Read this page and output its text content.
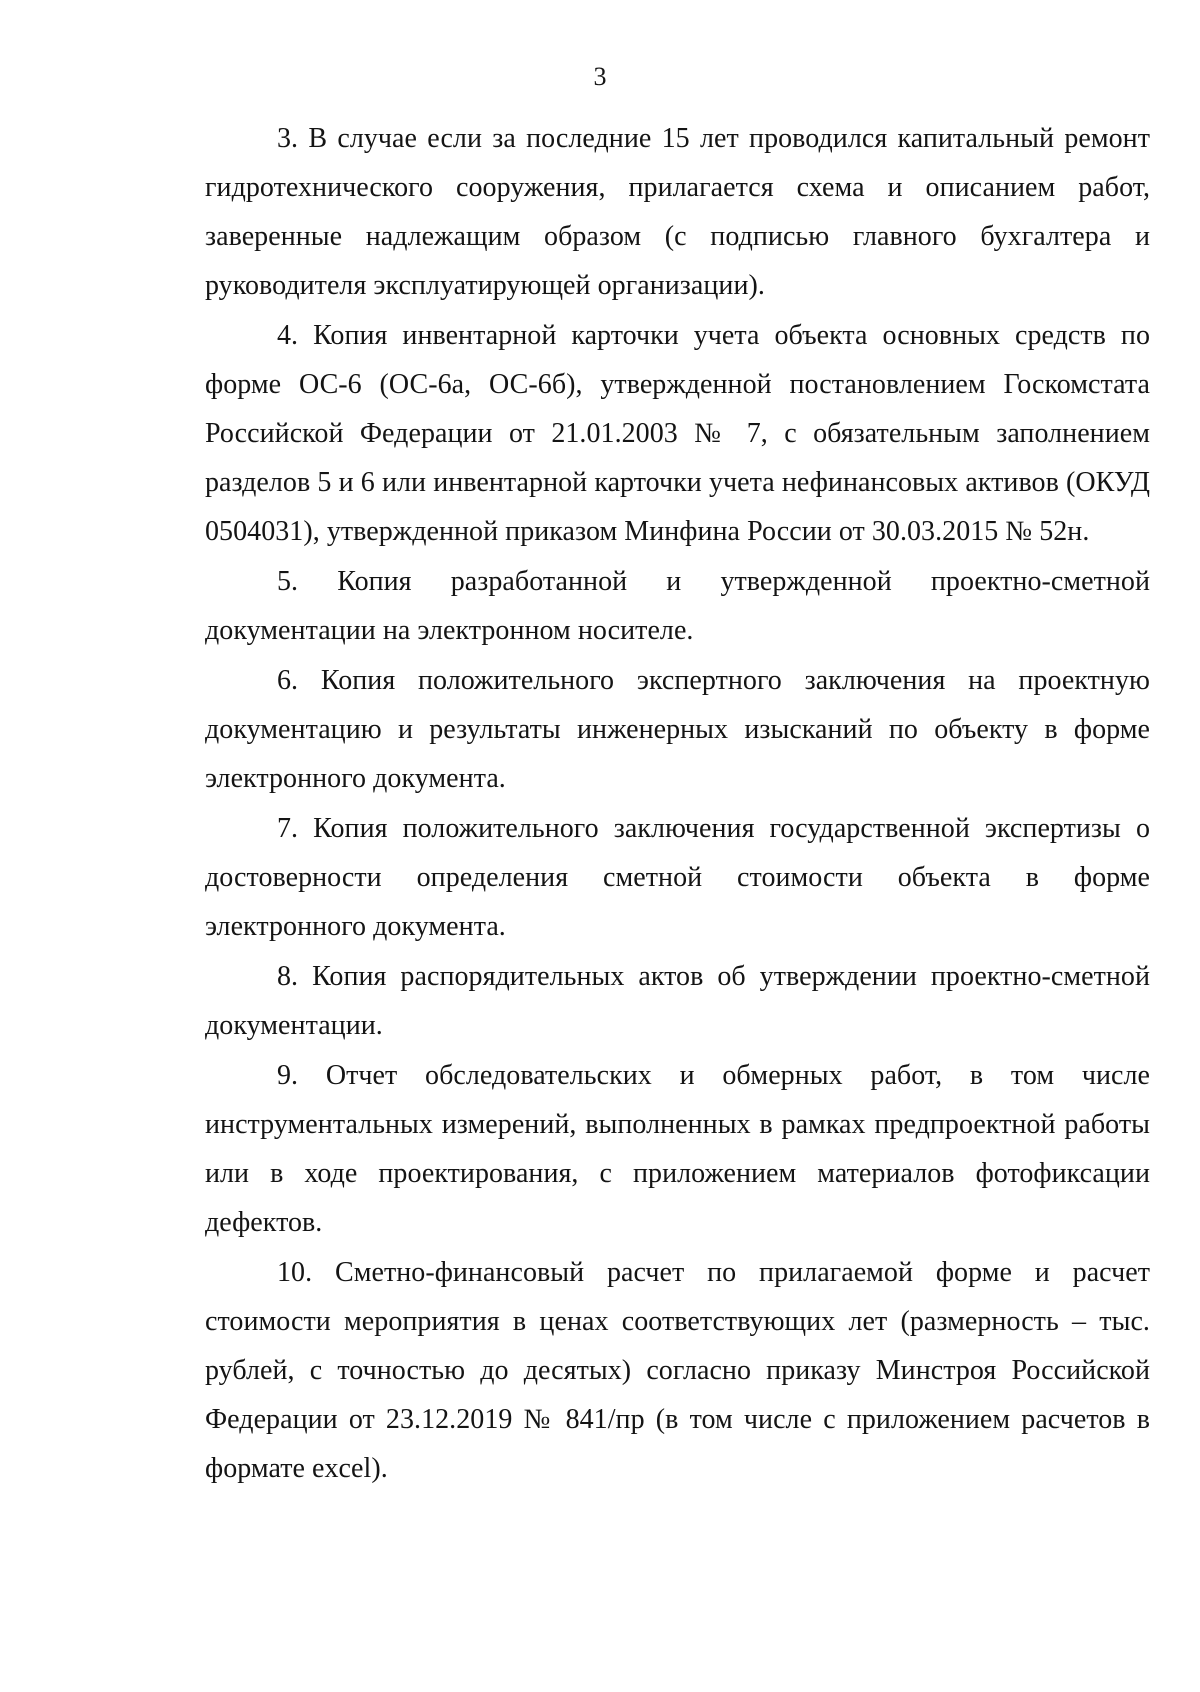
3

3. В случае если за последние 15 лет проводился капитальный ремонт гидротехнического сооружения, прилагается схема и описанием работ, заверенные надлежащим образом (с подписью главного бухгалтера и руководителя эксплуатирующей организации).

4. Копия инвентарной карточки учета объекта основных средств по форме ОС-6 (ОС-6а, ОС-6б), утвержденной постановлением Госкомстата Российской Федерации от 21.01.2003 № 7, с обязательным заполнением разделов 5 и 6 или инвентарной карточки учета нефинансовых активов (ОКУД 0504031), утвержденной приказом Минфина России от 30.03.2015 № 52н.

5. Копия разработанной и утвержденной проектно-сметной документации на электронном носителе.

6. Копия положительного экспертного заключения на проектную документацию и результаты инженерных изысканий по объекту в форме электронного документа.

7. Копия положительного заключения государственной экспертизы о достоверности определения сметной стоимости объекта в форме электронного документа.

8. Копия распорядительных актов об утверждении проектно-сметной документации.

9. Отчет обследовательских и обмерных работ, в том числе инструментальных измерений, выполненных в рамках предпроектной работы или в ходе проектирования, с приложением материалов фотофиксации дефектов.

10. Сметно-финансовый расчет по прилагаемой форме и расчет стоимости мероприятия в ценах соответствующих лет (размерность – тыс. рублей, с точностью до десятых) согласно приказу Минстроя Российской Федерации от 23.12.2019 № 841/пр (в том числе с приложением расчетов в формате excel).
